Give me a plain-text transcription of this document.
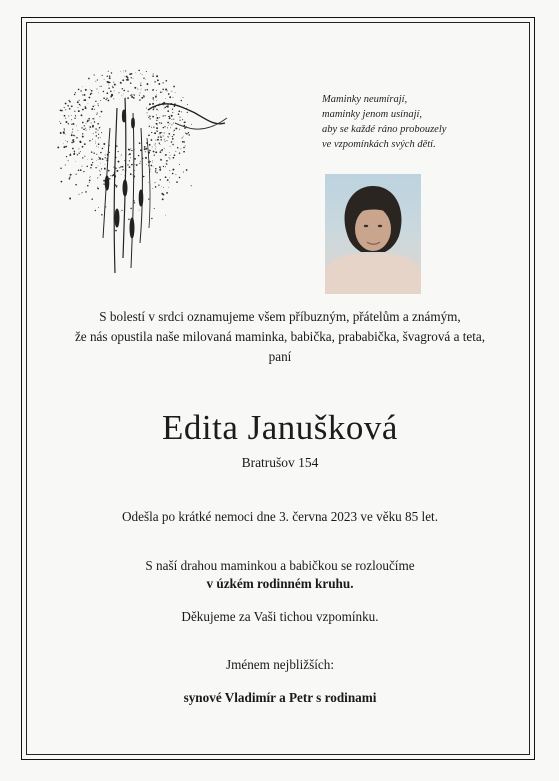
Maminky neumírají,
maminky jenom usínají,
aby se každé ráno probouzely
ve vzpomínkách svých dětí.
S bolestí v srdci oznamujeme všem příbuzným, přátelům a známým,
že nás opustila naše milovaná maminka, babička, prababička, švagrová a teta,
paní
Edita Janušková
Bratrušov 154
Odešla po krátké nemoci dne 3. června 2023 ve věku 85 let.
S naší drahou maminkou a babičkou se rozloučíme
v úzkém rodinném kruhu.
Děkujeme za Vaši tichou vzpomínku.
Jménem nejbližších:
synové Vladimír a Petr s rodinami
